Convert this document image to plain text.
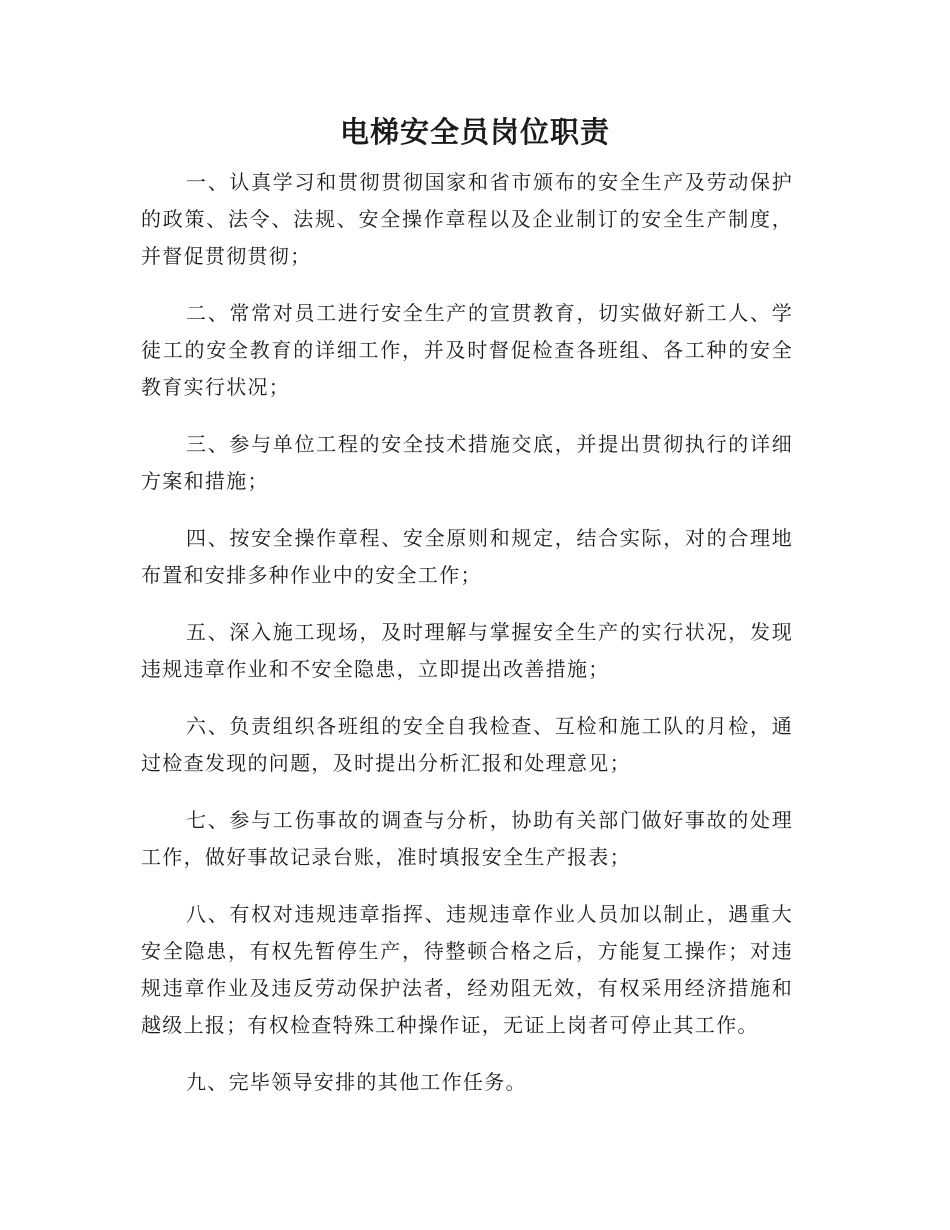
电梯安全员岗位职责

一、认真学习和贯彻贯彻国家和省市颁布的安全生产及劳动保护的政策、法令、法规、安全操作章程以及企业制订的安全生产制度，并督促贯彻贯彻；

二、常常对员工进行安全生产的宣贯教育，切实做好新工人、学徒工的安全教育的详细工作，并及时督促检查各班组、各工种的安全教育实行状况；

三、参与单位工程的安全技术措施交底，并提出贯彻执行的详细方案和措施；

四、按安全操作章程、安全原则和规定，结合实际，对的合理地布置和安排多种作业中的安全工作；

五、深入施工现场，及时理解与掌握安全生产的实行状况，发现违规违章作业和不安全隐患，立即提出改善措施；

六、负责组织各班组的安全自我检查、互检和施工队的月检，通过检查发现的问题，及时提出分析汇报和处理意见；

七、参与工伤事故的调查与分析，协助有关部门做好事故的处理工作，做好事故记录台账，准时填报安全生产报表；

八、有权对违规违章指挥、违规违章作业人员加以制止，遇重大安全隐患，有权先暂停生产，待整顿合格之后，方能复工操作；对违规违章作业及违反劳动保护法者，经劝阻无效，有权采用经济措施和越级上报；有权检查特殊工种操作证，无证上岗者可停止其工作。

九、完毕领导安排的其他工作任务。
